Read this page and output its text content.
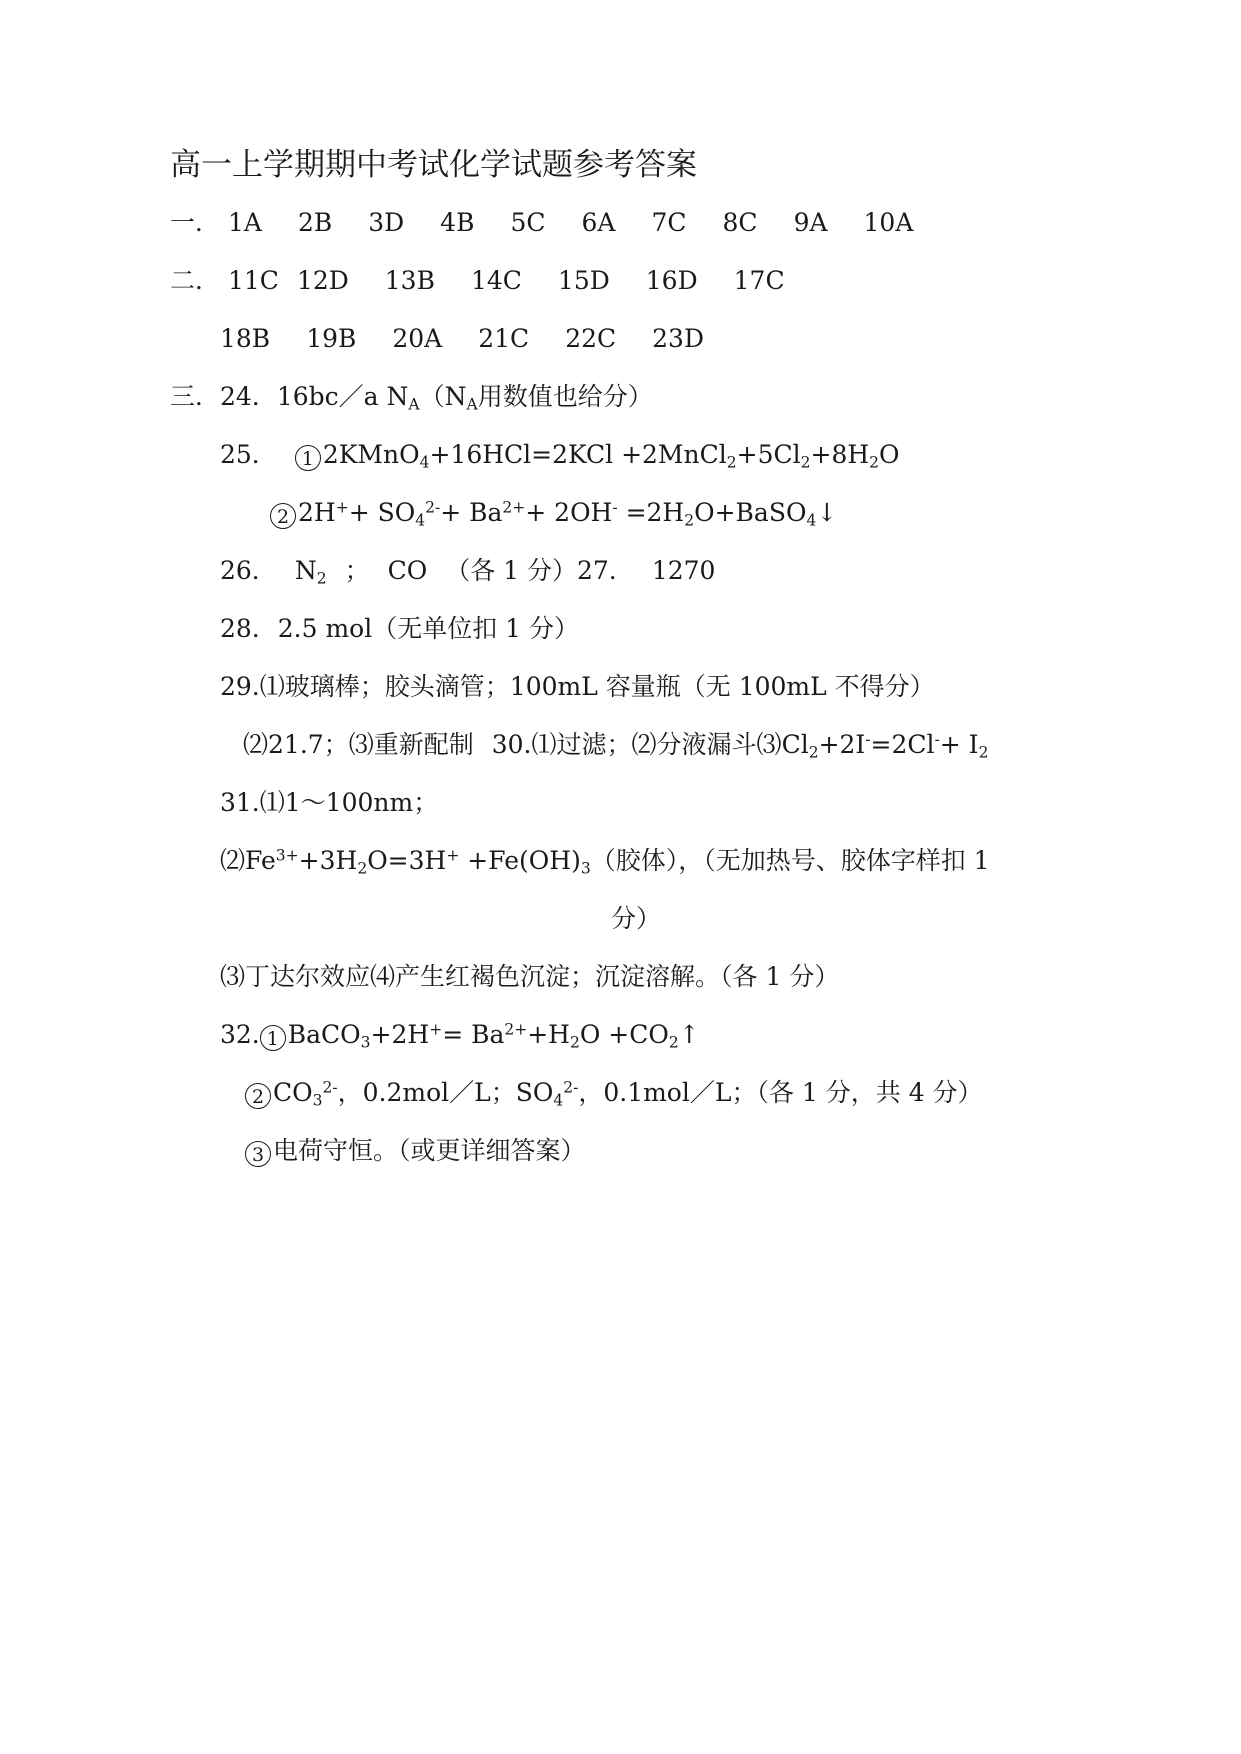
高一上学期期中考试化学试题参考答案
一． 1A 2B 3D 4B 5C 6A 7C 8C 9A 10A
二． 11C 12D 13B 14C 15D 16D 17C
18B 19B 20A 21C 22C 23D
三．24．16bc／a $N_A(N_A$用数值也给分）
25． 1 2KMnO$_4$+16HCl=2KCl $+2MnCl_2+5Cl_2+8H_2O$
2 $2H^++ SO_4^{2-}+ Ba^{2+}+ 2OH^-$ $=2H_2O+BaSO_4↓$
26． $N_2$ ； CO （各 1 分）27． 1270
28. 2.5 mol（无单位扣 1 分）
29.⑴玻璃棒；胶头滴管；100mL 容量瓶（无 100mL 不得分）
⑵21.7；⑶重新配制 30.⑴过滤；⑵分液漏斗$⑶Cl_2+2I^-=2Cl^-+ I_2$
31.⑴1～100nm；
$⑵Fe^{3+}+3H_2O=3H^+ +Fe(OH)_3$（胶体），（无加热号、胶体字样扣 1
分）
⑶丁达尔效应⑷产生红褐色沉淀；沉淀溶解。（各 1 分）
32. 1 BaCO$_3$+2H+= $Ba^{2+}+H_2O$ $+CO_2↑$
2 $CO_3^{2-}$，0.2mol／L；$SO_4^{2-}$，0.1mol／L；（各 1 分，共 4 分）
3 电荷守恒。（或更详细答案）
